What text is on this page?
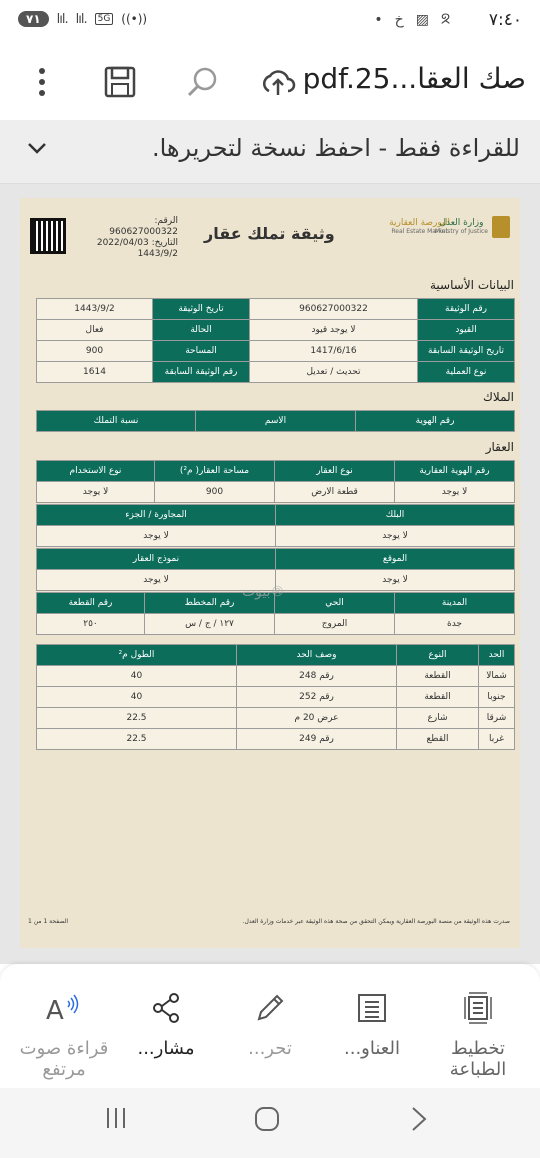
٧١	lıl. lıl.	5G ((•))	• خ ▨ ᘝ ٧:٤٠
صك العقا...pdf.25
للقراءة فقط - احفظ نسخة لتحريرها.
الرقم: 960627000322
التاريخ: 2022/04/03
1443/9/2
وثيقة تملك عقار
البورصة العقارية
Real Estate Market
وزارة العدل
Ministry of Justice
البيانات الأساسية
رقم الوثيقة	960627000322	تاريخ الوثيقة	1443/9/2
القيود	لا يوجد قيود	الحالة	فعال
تاريخ الوثيقة السابقة	1417/6/16	المساحة	900
نوع العملية	تحديث / تعديل	رقم الوثيقة السابقة	1614
الملاك
رقم الهوية	الاسم	نسبة التملك
العقار
رقم الهوية العقارية	نوع العقار	مساحة العقار( م²)	نوع الاستخدام
لا يوجد	قطعة الارض	900	لا يوجد
البلك	المجاورة / الجزء
لا يوجد	لا يوجد
الموقع	نموذج العقار
لا يوجد	لا يوجد
المدينة	الحي	رقم المخطط	رقم القطعة
جدة	المروج	١٢٧ / ج / س	٢٥٠
بيوت®
الحد	النوع	وصف الحد	الطول م²
شمالا	القطعة	رقم 248	40
جنوبا	القطعة	رقم 252	40
شرقا	شارع	عرض 20 م	22.5
غربا	القطع	رقم 249	22.5
صدرت هذه الوثيقة من منصة البورصة العقارية ويمكن التحقق من صحة هذه الوثيقة عبر خدمات وزارة العدل.
الصفحة 1 من 1
تخطيط الطباعة
العناو...
تحر...
مشار...
A
قراءة صوت مرتفع
